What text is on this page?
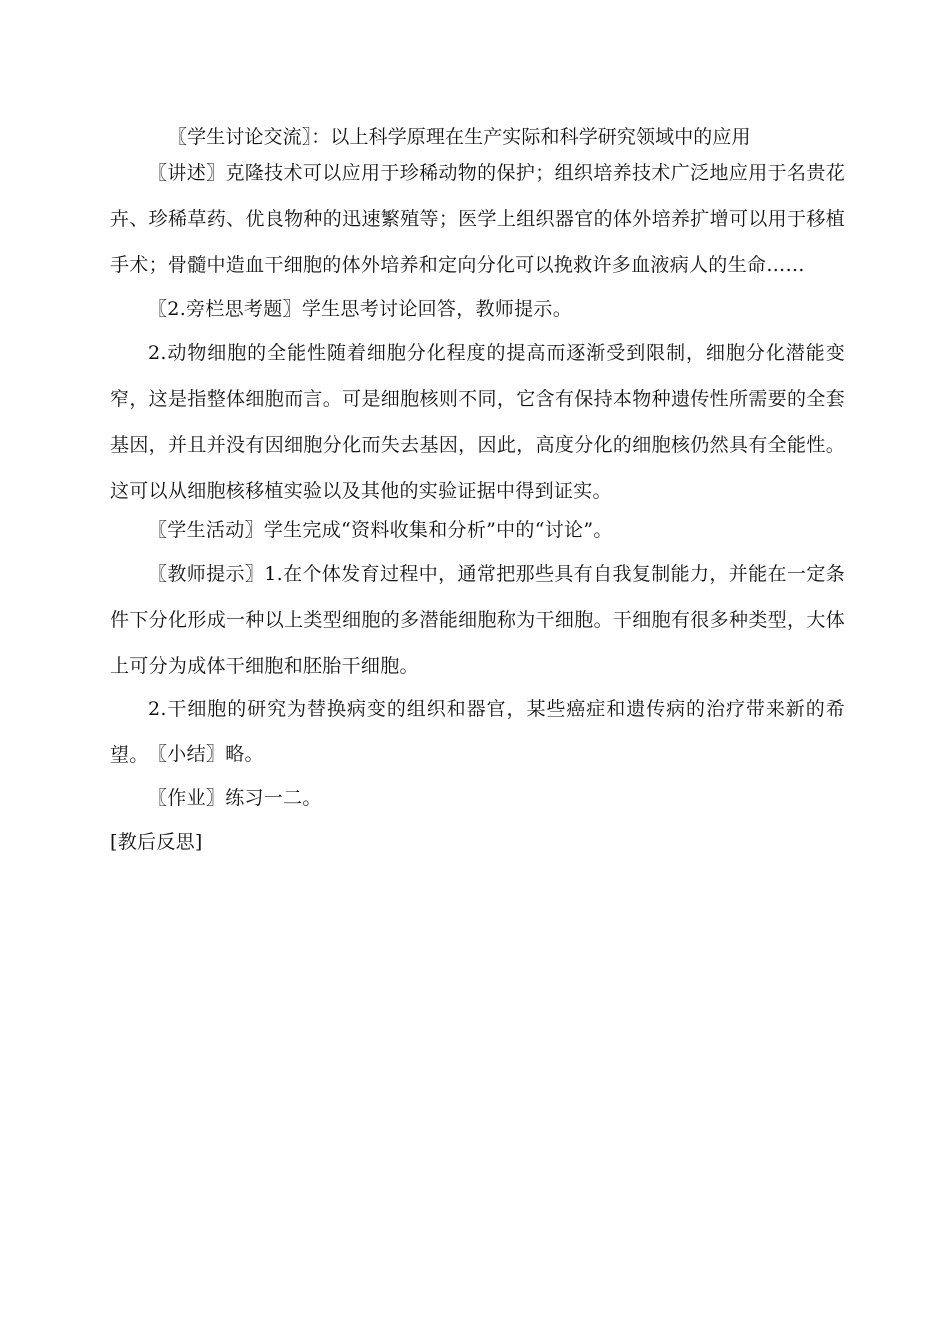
〖学生讨论交流〗：以上科学原理在生产实际和科学研究领域中的应用

〖讲述〗克隆技术可以应用于珍稀动物的保护；组织培养技术广泛地应用于名贵花卉、珍稀草药、优良物种的迅速繁殖等；医学上组织器官的体外培养扩增可以用于移植手术；骨髓中造血干细胞的体外培养和定向分化可以挽救许多血液病人的生命……

〖2.旁栏思考题〗学生思考讨论回答，教师提示。

2.动物细胞的全能性随着细胞分化程度的提高而逐渐受到限制，细胞分化潜能变窄，这是指整体细胞而言。可是细胞核则不同，它含有保持本物种遗传性所需要的全套基因，并且并没有因细胞分化而失去基因，因此，高度分化的细胞核仍然具有全能性。这可以从细胞核移植实验以及其他的实验证据中得到证实。

〖学生活动〗学生完成“资料收集和分析”中的“讨论”。

〖教师提示〗1.在个体发育过程中，通常把那些具有自我复制能力，并能在一定条件下分化形成一种以上类型细胞的多潜能细胞称为干细胞。干细胞有很多种类型，大体上可分为成体干细胞和胚胎干细胞。

2.干细胞的研究为替换病变的组织和器官，某些癌症和遗传病的治疗带来新的希望。 〖小结〗略。

〖作业〗练习一二。

[教后反思]
